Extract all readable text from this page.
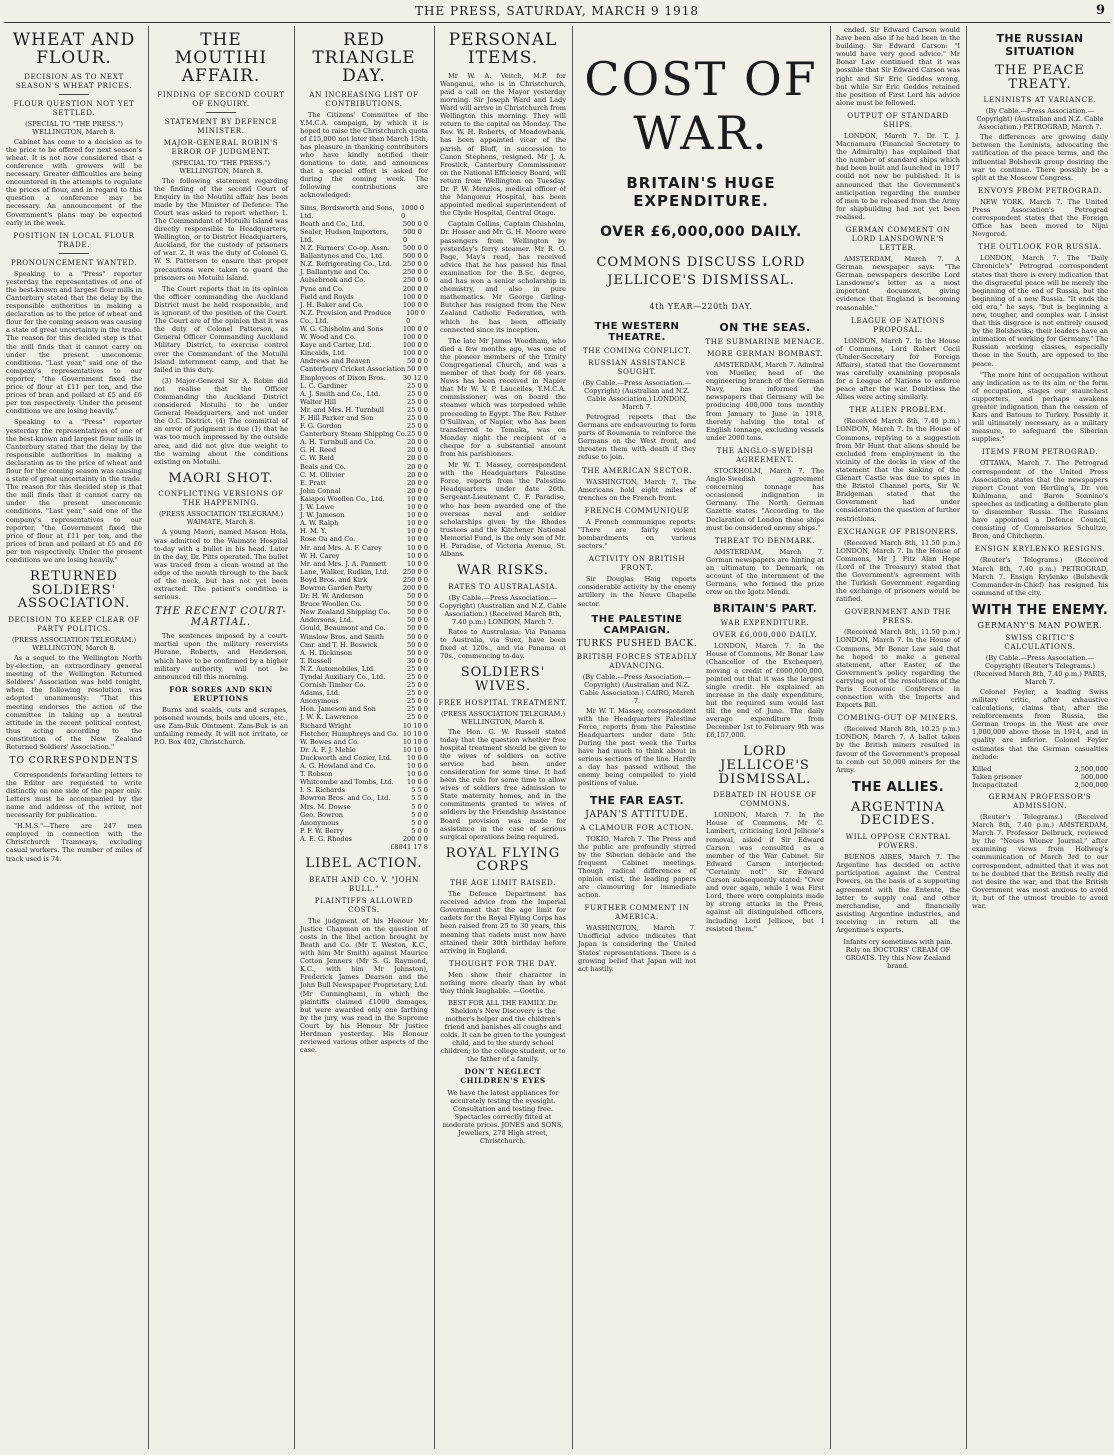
THE PRESS, SATURDAY, MARCH 9 1918	9
WHEAT AND FLOUR.
DECISION AS TO NEXT SEASON'S WHEAT PRICES.
FLOUR QUESTION NOT YET SETTLED.
(SPECIAL TO "THE PRESS.") WELLINGTON, March 8.

Cabinet has come to a decision as to the price to be offered for next season's wheat. It is not now considered that a conference with growers will be necessary. Greater difficulties are being encountered in the attempts to regulate the prices of flour, and in regard to this question a conference may be necessary. An announcement of the Government's plans may be expected early in the week.

POSITION IN LOCAL FLOUR TRADE.
PRONOUNCEMENT WANTED.

Speaking to a "Press" reporter yesterday the representatives of one of the best-known and largest flour mills in Canterbury stated that the delay by the responsible authorities in making a declaration as to the price of wheat and flour for the coming season was causing a state of great uncertainty in the trade. The reason for this decided step is that the mill finds that it cannot carry on under the present uneconomic conditions. "Last year," said one of the company's representatives to our reporter, "the Government fixed the price of flour at £11 per ton, and the prices of bran and pollard at £5 and £6 per ton respectively. Under the present conditions we are losing heavily."

Speaking to a "Press" reporter yesterday the representatives of one of the best-known and largest flour mills in Canterbury stated that the delay by the responsible authorities in making a declaration as to the price of wheat and flour for the coming season was causing a state of great uncertainty in the trade. The reason for this decided step is that the mill finds that it cannot carry on under the present uneconomic conditions. "Last year," said one of the company's representatives to our reporter, "the Government fixed the price of flour at £11 per ton, and the prices of bran and pollard at £5 and £6 per ton respectively. Under the present conditions we are losing heavily."

RETURNED SOLDIERS' ASSOCIATION.
DECISION TO KEEP CLEAR OF PARTY POLITICS.
(PRESS ASSOCIATION TELEGRAM.) WELLINGTON, March 8.

As a sequel to the Wellington North by-election, an extraordinary general meeting of the Wellington Returned Soldiers' Association was held tonight, when the following resolution was adopted unanimously: "That this meeting endorses the action of the committee in taking up a neutral attitude in the recent political contest, thus acting according to the constitution of the New Zealand Returned Soldiers' Association."

TO CORRESPONDENTS

Correspondents forwarding letters to the Editor are requested to write distinctly on one side of the paper only. Letters must be accompanied by the name and address of the writer, not necessarily for publication.

"H.M.S."—There are 247 men employed in connection with the Christchurch Tramways, excluding casual workers. The number of miles of track used is 74.

THE MOUTIHI AFFAIR.
FINDING OF SECOND COURT OF ENQUIRY.
STATEMENT BY DEFENCE MINISTER.
MAJOR-GENERAL ROBIN'S ERROR OF JUDGMENT.
(SPECIAL TO "THE PRESS.") WELLINGTON, March 8.

The following statement regarding the finding of the second Court of Enquiry in the Moutihi affair has been made by the Minister of Defence: The Court was asked to report whether: 1. The Commandant of Motuihi Island was directly responsible to Headquarters, Wellington, or to District Headquarters, Auckland, for the custody of prisoners of war. 2. It was the duty of Colonel G. W. S. Patterson to ensure that proper precautions were taken to guard the prisoners on Motuihi Island.

The Court reports that in its opinion the officer commanding the Auckland District must be held responsible, and is ignorant of the position of the Court. The Court are of the opinion that it was the duty of Colonel Patterson, as General Officer Commanding Auckland Military District, to exercise control over the Commandant of the Motuihi Island internment camp, and that he failed in this duty.

(3) Major-General Sir A. Robin did not realise that the Officer Commanding the Auckland District considered Motuihi to be under General Headquarters, and not under the O.C. District. (4) The committal of an error of judgment is due (1) that he was too much impressed by the outside area, and did not give due weight to the warning about the conditions existing on Motuihi.

MAORI SHOT.
CONFLICTING VERSIONS OF THE HAPPENING.
(PRESS ASSOCIATION TELEGRAM.) WAIMATE, March 8.

A young Maori, named Mason Hola, was admitted to the Waimate Hospital to-day with a bullet in his head. Later in the day, Dr. Pitts operated. The bullet was traced from a clean wound at the edge of the mouth through to the back of the neck, but has not yet been extracted. The patient's condition is serious.

THE RECENT COURT-MARTIAL.

The sentences imposed by a court-martial upon the military reservists Hurane, Roberts, and Henderson, which have to be confirmed by a higher military authority, will not be announced till this morning.

FOR SORES AND SKIN ERUPTIONS

Burns and scalds, cuts and scrapes, poisoned wounds, boils and ulcers, etc., use Zam-Buk Ointment. Zam-Buk is an unfailing remedy. It will not irritate, or P.O. Box 402, Christchurch.

RED TRIANGLE DAY.
AN INCREASING LIST OF CONTRIBUTIONS.

The Citizens' Committee of the Y.M.C.A. campaign, by which it is hoped to raise the Christchurch quota of £15,000 not later than March 15th, has pleasure in thanking contributors who have kindly notified their donations to date, and announces that a special effort is asked for during the coming week. The following contributions are acknowledged:

Sims, Bordsworth and Sons, Ltd.
1000 0 0
Beath and Co., Ltd.	500 0 0
Sealer, Hudson Importers, Ltd.
500 0 0
N.Z. Farmers' Co-op. Assn. 500 0 0
Ballantynes and Co., Ltd.	500 0 0
N.Z. Refrigerating Co., Ltd. 250 0 0
J. Ballantyne and Co.	250 0 0
Aulsebrook and Co.	250 0 0
Pyne and Co.	200 0 0
Field and Royds	100 0 0
J. H. Baker and Co.	100 0 0
N.Z. Provision and Produce Co., Ltd.
100 0 0
W. G. Chisholm and Sons	100 0 0
W. Wood and Co.	100 0 0
Kaye and Carter, Ltd.	100 0 0
Kincaids, Ltd.	100 0 0
Andrews and Beaven	50 0 0
Canterbury Cricket Association 50 0 0
Employees of Dixon Bros.	30 12 0
L. C. Gardiner	25 0 0
A. J. Smith and Co., Ltd.	25 0 0
Walter Hill	25 0 0
Mr. and Mrs. H. Turnbull	25 0 0
F. Hill Parker and Son	25 0 0
F. G. Gordon	25 0 0
Canterbury Steam Shipping Co. 25 0 0
A. H. Turnbull and Co.	20 0 0
G. H. Reed	20 0 0
C. W. Reid	20 0 0
Beals and Co.	20 0 0
C. M. Ollivier	20 0 0
E. Pratt	20 0 0
John Connal	20 0 0
Kaiapoi Woollen Co., Ltd.	10 0 0
J. W. Lowe	10 0 0
J. W. Jameson	10 0 0
A. W. Ralph	10 0 0
H. M. Y.	10 0 0
Rose Oa and Co.	10 0 0
Mr. and Mrs. A. F. Carey	10 0 0
W. H. Carey	10 0 0
Mr. and Mrs. J. A. Pannett	10 0 0
Lane, Walker, Rudkin, Ltd. 250 0 0
Boyd Bros. and Kirk	250 0 0
Bowron Garden Party	200 0 0
Dr. H. W. Anderson	50 0 0
Bruce Woollen Co.	50 0 0
New Zealand Shipping Co.	50 0 0
Andersons, Ltd.	50 0 0
Gould, Beaumont and Co.	50 0 0
Winslow Bros. and Smith	50 0 0
Cmr. and T. H. Beswick	50 0 0
A. H. Dickinson	50 0 0
T. Russell	30 0 0
N.Z. Automobiles, Ltd.	25 0 0
Tyndal Auxiliary Co., Ltd.	25 0 0
Cornish Timber Co.	25 0 0
Adams, Ltd.	25 0 0
Anonymous	25 0 0
Hon. Jameson and Son	25 0 0
J. W. K. Lawrence	25 0 0
Richard Wright	10 10 0
Fletcher, Humphreys and Co. 10 10 0
W. Bowes and Co.	10 10 0
Dr. A. F. J. Mehle	10 10 0
Duckworth and Cozier, Ltd. 10 0 0
A. G. Howland and Co.	10 0 0
T. Robson	10 0 0
Whitcombe and Tombs, Ltd. 10 0 0
I. S. Richards	5 5 0
Bowron Bros. and Co., Ltd.	5 5 0
Mrs. M. Dowse	5 0 0
Geo. Bowron	5 0 0
Anonymous	5 0 0
P. F. W. Berry	5 0 0
A. E. G. Rhodes	200 0 0
£8841 17 8
LIBEL ACTION.
BEATH AND CO. V. "JOHN BULL."
PLAINTIFFS ALLOWED COSTS.

The judgment of his Honour Mr Justice Chapman on the question of costs in the libel action brought by Beath and Co. (Mr T. Weston, K.C., with him Mr Smith) against Maurice Cotton Jenners (Mr S. G. Raymond, K.C., with him Mr Johnston), Frederick James Dearson and the John Bull Newspaper Proprietary, Ltd. (Mr Cunningham), in which the plaintiffs claimed £1000 damages, but were awarded only one farthing by the jury, was read in the Supreme Court by his Honour Mr Justice Herdman yesterday. His Honour reviewed various other aspects of the case.

PERSONAL ITEMS.

Mr W. A. Veitch, M.P. for Wanganui, who is in Christchurch, paid a call on the Mayor yesterday morning. Sir Joseph Ward and Lady Ward will arrive in Christchurch from Wellington this morning. They will return to the capital on Monday. The Rev. W. H. Roberts, of Meadowbank, has been appointed vicar of the parish of Bluff, in succession to Canon Stephens, resigned. Mr J. A. Frostick, Canterbury Commissioner on the National Efficiency Board, will return from Wellington on Tuesday. Dr. P. W. Menzies, medical officer of the Mangonui Hospital, has been appointed medical superintendent of the Clyde Hospital, Central Otago.

Captain Collins, Captain Chisholm, Dr. Hosser and Mr. G. H. Moore were passengers from Wellington by yesterday's ferry steamer. Mr R. O. Page, May's read, has received advice that he has passed his final examination for the B.Sc. degree, and has won a senior scholarship in chemistry, and also in pure mathematics. Mr George Girling-Butcher has resigned from the New Zealand Catholic Federation, with which he has been officially connected since its inception.

The late Mr James Woodham, who died a few months ago, was one of the pioneer members of the Trinity Congregational Church, and was a member of that body for 68 years. News has been received in Napier that Mr W. V. P. Laucelles, Y.M.C.A. commissioner, was on board the steamer which was torpedoed while proceeding to Egypt. The Rev. Father O'Sullivan, of Napier, who has been transferred to Temuka, was on Monday night the recipient of a cheque for a substantial amount from his parishioners.

Mr W. T. Massey, correspondent with the Headquarters Palestine Force, reports from the Palestine Headquarters under date 26th. Sergeant-Lieutenant C. F. Paradise, who has been awarded one of the overseas naval and soldier scholarships given by the Rhodes trustees and the Kitchener National Memorial Fund, is the only son of Mr. H. Paradise, of Victoria Avenue, St. Albans.

WAR RISKS.
RATES TO AUSTRALASIA.
(By Cable.—Press Association.—Copyright) (Australian and N.Z. Cable Association.) (Received March 8th, 7.40 p.m.) LONDON, March 7.

Rates to Australasia: Via Panama to Australia, via Suez, have been fixed at 120s., and via Panama at 70s., commencing to-day.

SOLDIERS' WIVES.
FREE HOSPITAL TREATMENT.
(PRESS ASSOCIATION TELEGRAM.) WELLINGTON, March 8.

The Hon. G. W. Russell stated today that the question whether free hospital treatment should be given to the wives of soldiers on active service had been under consideration for some time. It had been the rule for some time to allow wives of soldiers free admission to State maternity homes, and in the commitments granted to wives of soldiers by the Friendship Assistance Board provision was made for assistance in the case of serious surgical operations being required.

ROYAL FLYING CORPS
THE AGE LIMIT RAISED.

The Defence Department has received advice from the Imperial Government that the age limit for cadets for the Royal Flying Corps has been raised from 25 to 30 years, this meaning that cadets must now have attained their 30th birthday before arriving in England.

THOUGHT FOR THE DAY.

Men show their character in nothing more clearly than by what they think laughable. —Goethe.

BEST FOR ALL THE FAMILY. Dr. Sheldon's New Discovery is the mother's helper and the children's friend and banishes all coughs and colds. It can be given to the youngest child, and to the sturdy school children; to the college student, or to the father of a family.
DON'T NEGLECT CHILDREN'S EYES
We have the latest appliances for accurately testing the eyesight. Consultation and testing free. Spectacles correctly fitted at moderate prices. JONES and SONS, Jewellers, 278 High street, Christchurch.
COST OF WAR.
BRITAIN'S HUGE EXPENDITURE.
OVER £6,000,000 DAILY.
COMMONS DISCUSS LORD JELLICOE'S DISMISSAL.
4th YEAR—220th DAY.
THE WESTERN THEATRE.
THE COMING CONFLICT.
RUSSIAN ASSISTANCE SOUGHT.
(By Cable.—Press Association.—Copyright) (Australian and N.Z. Cable Association.) LONDON, March 7.

Petrograd reports that the Germans are endeavouring to form parts of Roumania to reinforce the Germans on the West front, and threaten them with death if they refuse to join.

THE AMERICAN SECTOR.

WASHINGTON, March 7. The Americans hold eight miles of trenches on the French front.

FRENCH COMMUNIQUE

A French communique reports: "There are fairly violent bombardments on various sectors."

ACTIVITY ON BRITISH FRONT.

Sir Douglas Haig reports considerable activity by the enemy artillery in the Neuve Chapelle sector.

THE PALESTINE CAMPAIGN.
TURKS PUSHED BACK.
BRITISH FORCES STEADILY ADVANCING.
(By Cable.—Press Association.—Copyright) (Australian and N.Z. Cable Association.) CAIRO, March 7.

Mr W. T. Massey, correspondent with the Headquarters Palestine Force, reports from the Palestine Headquarters under date 5th: During the past week the Turks have had much to think about in serious sections of the line. Hardly a day has passed without the enemy being compelled to yield positions of value.

THE FAR EAST.
JAPAN'S ATTITUDE.
A CLAMOUR FOR ACTION.

TOKIO, March 7. The Press and the public are profoundly stirred by the Siberian débâcle and the frequent Cabinet meetings. Though radical differences of opinion exist, the leading papers are clamouring for immediate action.

FURTHER COMMENT IN AMERICA.

WASHINGTON, March 7. Unofficial advice indicates that Japan is considering the United States' representations. There is a growing belief that Japan will not act hastily.

ON THE SEAS.
THE SUBMARINE MENACE.
MORE GERMAN BOMBAST.

AMSTERDAM, March 7. Admiral von Mueller, head of the engineering branch of the German Navy, has informed the newspapers that Germany will be producing 400,000 tons monthly from January to June in 1918, thereby halving the total of English tonnage, excluding vessels under 2000 tons.

THE ANGLO-SWEDISH AGREEMENT.

STOCKHOLM, March 7. The Anglo-Swedish agreement concerning tonnage has occasioned indignation in Germany. The North German Gazette states: "According to the Declaration of London those ships must be considered enemy ships."

THREAT TO DENMARK.

AMSTERDAM, March 7. German newspapers are hinting at an ultimatum to Denmark, on account of the internment of the Germans, who formed the prize crew on the Igotz Mendi.

BRITAIN'S PART.
WAR EXPENDITURE.
OVER £6,000,000 DAILY.

LONDON, March 7. In the House of Commons, Mr Bonar Law (Chancellor of the Exchequer), moving a credit of £600,000,000, pointed out that it was the largest single credit. He explained an increase in the daily expenditure, but the required sum would last till the end of June. The daily average expenditure from December 1st to February 9th was £6,157,000.

LORD JELLICOE'S DISMISSAL.
DEBATED IN HOUSE OF COMMONS.

LONDON, March 7. In the House of Commons, Mr C. Lambert, criticising Lord Jellicoe's removal, asked if Sir Edward Carson was consulted as a member of the War Cabinet. Sir Edward Carson interjected: "Certainly not!" Sir Edward Carson subsequently stated: "Over and over again, while I was First Lord, there were complaints made by strong attacks in the Press, against all distinguished officers, including Lord Jellicoe, but I resisted them."

ended. Sir Edward Carson would have been also if he had been in the building. Sir Edward Carson: "I would have very good advice." Mr Bonar Law continued that it was possible that Sir Edward Carson was right and Sir Eric Geddes wrong, but while Sir Eric Geddes retained the position of First Lord his advice alone must be followed.

OUTPUT OF STANDARD SHIPS.

LONDON, March 7. Dr. T. J. Macnamara (Financial Secretary to the Admiralty) has explained that the number of standard ships which had been built and launched in 1917 could not now be published. It is announced that the Government's anticipation regarding the number of men to be released from the Army for shipbuilding had not yet been realised.

GERMAN COMMENT ON LORD LANSDOWNE'S LETTER.

AMSTERDAM, March 7. A German newspaper says: "The German newspapers describe Lord Lansdowne's letter as a most important document, giving evidence that England is becoming reasonable."

LEAGUE OF NATIONS PROPOSAL.

LONDON, March 7. In the House of Commons, Lord Robert Cecil (Under-Secretary for Foreign Affairs), stated that the Government was carefully examining proposals for a League of Nations to enforce peace after the war. Doubtless the Allies were acting similarly.

THE ALIEN PROBLEM.

(Received March 8th, 7.40 p.m.) LONDON, March 7. In the House of Commons, replying to a suggestion from Mr Hunt that aliens should be excluded from employment in the vicinity of the docks in view of the statement that the sinking of the Glenart Castle was due to spies in the Bristol Channel ports, Sir W. Bridgeman stated that the Government had under consideration the question of further restrictions.

EXCHANGE OF PRISONERS.

(Received March 8th, 11.50 p.m.) LONDON, March 7. In the House of Commons, Mr J. Fitz Alan Hope (Lord of the Treasury) stated that the Government's agreement with the Turkish Government regarding the exchange of prisoners would be ratified.

GOVERNMENT AND THE PRESS.

(Received March 8th, 11.50 p.m.) LONDON, March 7. In the House of Commons, Mr Bonar Law said that he hoped to make a general statement, after Easter, of the Government's policy regarding the carrying out of the resolutions of the Paris Economic Conference in connection with the Imports and Exports Bill.

COMBING-OUT OF MINERS.

(Received March 8th, 10.25 p.m.) LONDON, March 7. A ballot taken by the British miners resulted in favour of the Government's proposal to comb out 50,000 miners for the Army.

THE ALLIES.
ARGENTINA DECIDES.
WILL OPPOSE CENTRAL POWERS.

BUENOS AIRES, March 7. The Argentine has decided on active participation against the Central Powers, on the basis of a supporting agreement with the Entente, the latter to supply coal and other merchandise, and financially assisting Argentine industries, and receiving in return all the Argentine's exports.

Infants cry sometimes with pain. Rely on DOCTORS' CREAM OF GROATS. Try this New Zealand brand.
THE RUSSIAN SITUATION
THE PEACE TREATY.
LENINISTS AT VARIANCE.
(By Cable.—Press Association.—Copyright) (Australian and N.Z. Cable Association.) PETROGRAD, March 7.

The differences are growing daily between the Leninists, advocating the ratification of the peace terms, and the influential Bolshevik group desiring the war to continue. There possibly be a split at the Moscow Congress.

ENVOYS FROM PETROGRAD.

NEW YORK, March 7. The United Press Association's Petrograd correspondent states that the Foreign Office has been moved to Nijni Novgorod.

THE OUTLOOK FOR RUSSIA.

LONDON, March 7. The "Daily Chronicle's" Petrograd correspondent states that there is every indication that the disgraceful peace will be merely the beginning of the end of Russia, but the beginning of a new Russia. "It ends the old era," he says, "but is beginning a new, tougher, and complex war. I insist that this disgrace is not entirely caused by the Bolsheviks; their leaders have an intimation of working for Germany." The Russian working classes, especially those in the South, are opposed to the peace.

"The more hint of occupation without any indication as to its aim or the form of occupation, stages our staunchest supporters, and perhaps awakens greater indignation than the cession of Kars and Batoum to Turkey. Possibly it will ultimately necessary, as a military measure, to safeguard the Siberian supplies."

ITEMS FROM PETROGRAD.

OTTAWA, March 7. The Petrograd correspondent of the United Press Association states that the newspapers report Count von Hertling's, Dr. von Kuhlmann, and Baron Sonnino's speeches as indicating a deliberate plan to dismember Russia. The Russians have appointed a Defence Council, consisting of Commissaries Schultze, Bron, and Chitcherin.

ENSIGN KRYLENKO RESIGNS.

(Reuter's Telegrams.) (Received March 8th, 7.40 p.m.) PETROGRAD, March 7. Ensign Krylenko (Bolshevik Commander-in-Chief) has resigned his command of the city.

WITH THE ENEMY.
GERMANY'S MAN POWER.
SWISS CRITIC'S CALCULATIONS.
(By Cable.—Press Association.—Copyright) (Reuter's Telegrams.) (Received March 8th, 7.40 p.m.) PARIS, March 7.

Colonel Feyler, a leading Swiss military critic, after exhaustive calculations, claims that, after the reinforcements from Russia, the German troops in the West are over 1,000,000 above those in 1914, and in quality are inferior. Colonel Feyler estimates that the German casualties include:

Killed	2,500,000
Taken prisoner	500,000
Incapacitated	2,500,000
GERMAN PROFESSOR'S ADMISSION.

(Reuter's Telegrams.) (Received March 8th, 7.40 p.m.) AMSTERDAM, March 7. Professor Delbruck, reviewed by the "Neues Wiener Journal," after examining views from Hollweg's communication of March 3rd to our correspondent, admitted that it was not to be doubted that the British really did not desire the war, and that the British Government was most anxious to avoid it, but of the utmost trouble to avoid war.
